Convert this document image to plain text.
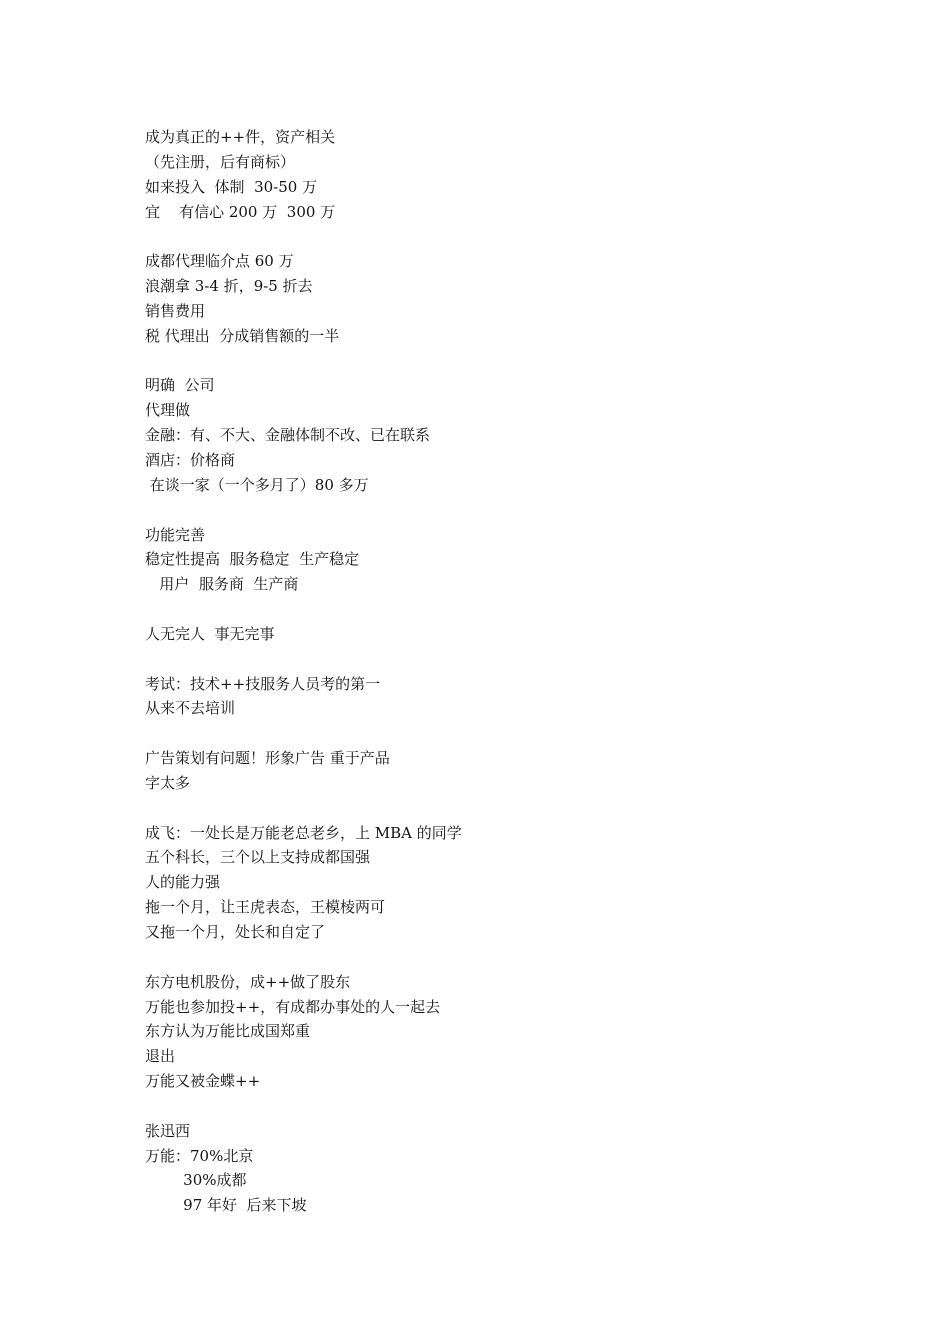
成为真正的++件，资产相关
（先注册，后有商标）
如来投入  体制  30-50 万
宜    有信心 200 万  300 万
成都代理临介点 60 万
浪潮拿 3-4 折，9-5 折去
销售费用
税 代理出  分成销售额的一半
明确  公司
代理做
金融：有、不大、金融体制不改、已在联系
酒店：价格商
在谈一家（一个多月了）80 多万
功能完善
稳定性提高  服务稳定  生产稳定
用户  服务商  生产商
人无完人  事无完事
考试：技术++技服务人员考的第一
从来不去培训
广告策划有问题！形象广告 重于产品
字太多
成飞：一处长是万能老总老乡，上 MBA 的同学
五个科长，三个以上支持成都国强
人的能力强
拖一个月，让王虎表态，王模棱两可
又拖一个月，处长和自定了
东方电机股份，成++做了股东
万能也参加投++，有成都办事处的人一起去
东方认为万能比成国郑重
退出
万能又被金蝶++
张迅西
万能：70%北京
30%成都
97 年好  后来下坡
